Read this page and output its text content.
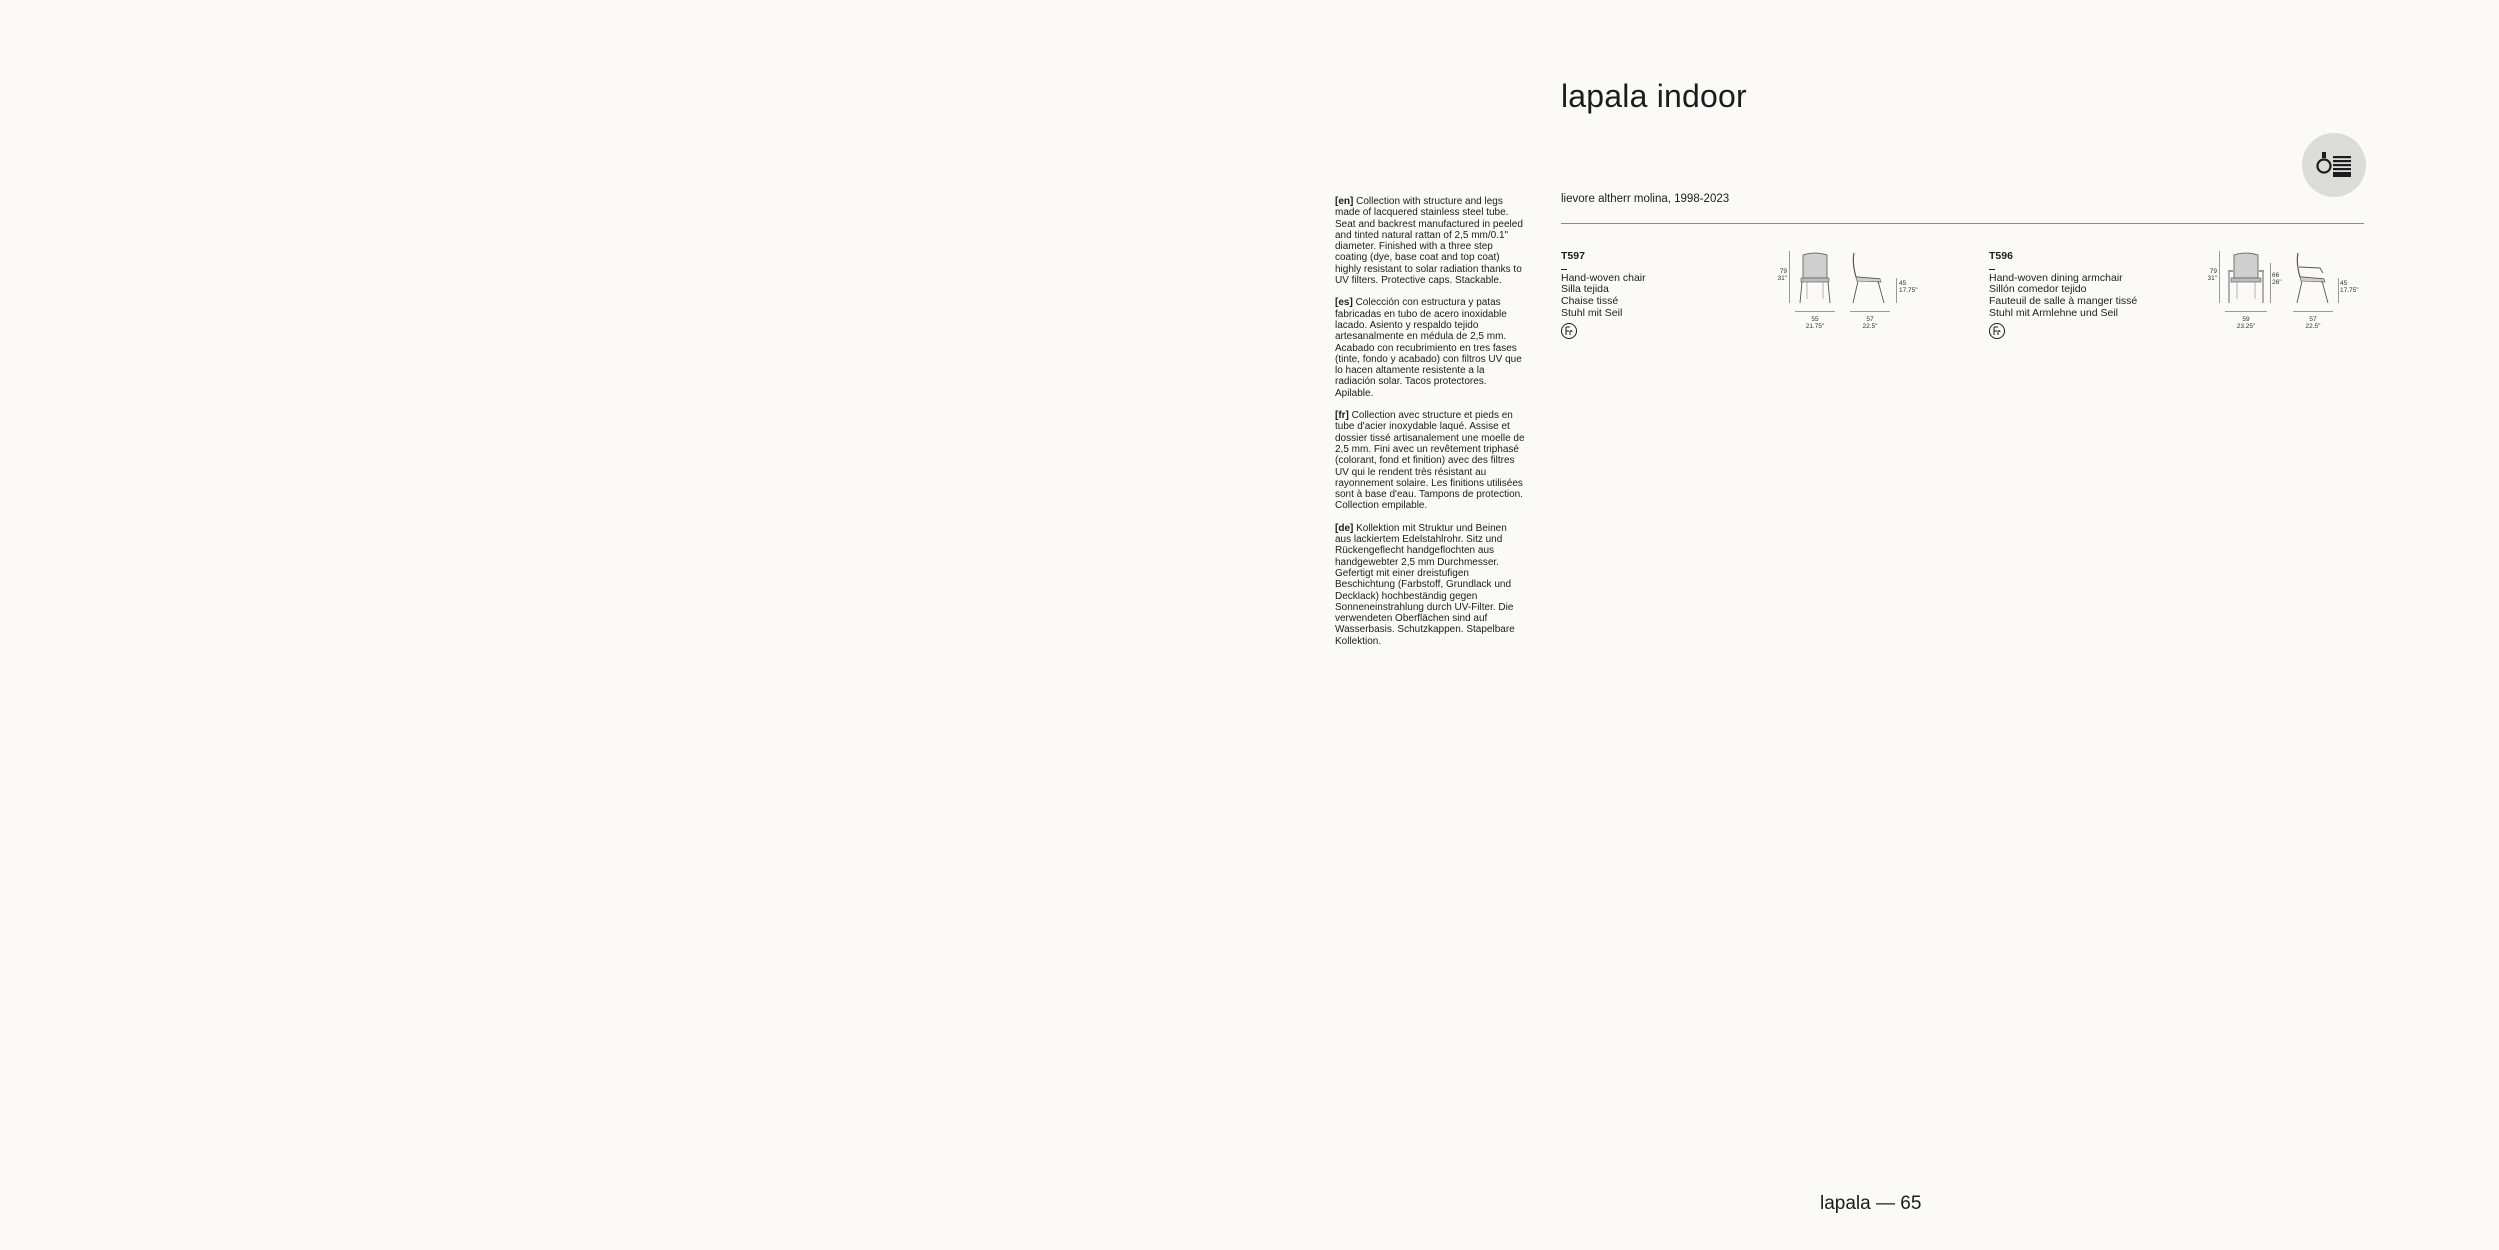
lapala indoor
lievore altherr molina, 1998-2023

[en] Collection with structure and legs made of lacquered stainless steel tube. Seat and backrest manufactured in peeled and tinted natural rattan of 2,5 mm/0.1" diameter. Finished with a three step coating (dye, base coat and top coat) highly resistant to solar radiation thanks to UV filters. Protective caps. Stackable.

[es] Colección con estructura y patas fabricadas en tubo de acero inoxidable lacado. Asiento y respaldo tejido artesanalmente en médula de 2,5 mm. Acabado con recubrimiento en tres fases (tinte, fondo y acabado) con filtros UV que lo hacen altamente resistente a la radiación solar. Tacos protectores. Apilable.

[fr] Collection avec structure et pieds en tube d'acier inoxydable laqué. Assise et dossier tissé artisanalement une moelle de 2,5 mm. Fini avec un revêtement triphasé (colorant, fond et finition) avec des filtres UV qui le rendent très résistant au rayonnement solaire. Les finitions utilisées sont à base d'eau. Tampons de protection. Collection empilable.

[de] Kollektion mit Struktur und Beinen aus lackiertem Edelstahlrohr. Sitz und Rückengeflecht handgeflochten aus handgewebter 2,5 mm Durchmesser. Gefertigt mit einer dreistufigen Beschichtung (Farbstoff, Grundlack und Decklack) hochbeständig gegen Sonneneinstrahlung durch UV-Filter. Die verwendeten Oberflächen sind auf Wasserbasis. Schutzkappen. Stapelbare Kollektion.

T597
Hand-woven chair
Silla tejida
Chaise tissé
Stuhl mit Seil
79
31"
45
17.75"
55
21.75"
57
22.5"
T596
Hand-woven dining armchair
Sillón comedor tejido
Fauteuil de salle à manger tissé
Stuhl mit Armlehne und Seil
79
31"	66
26"	45
17.75"
59
23.25"
57
22.5"
lapala — 65
